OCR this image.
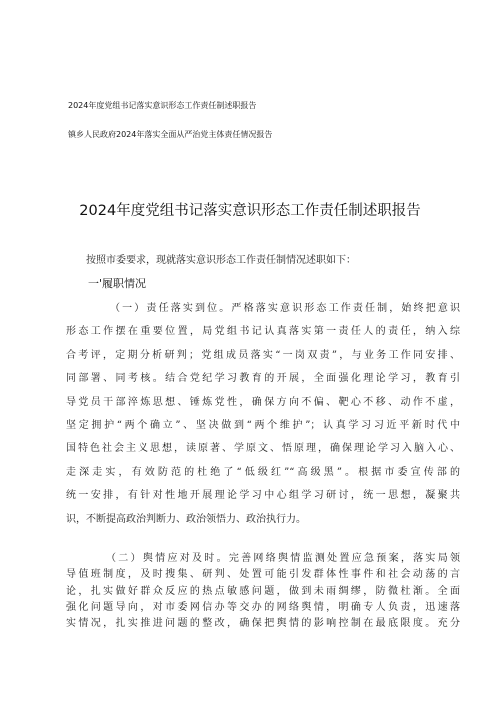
2024年度党组书记落实意识形态工作责任制述职报告
镇乡人民政府2024年落实全面从严治党主体责任情况报告
2024年度党组书记落实意识形态工作责任制述职报告
按照市委要求，现就落实意识形态工作责任制情况述职如下：
一'履职情况
（一）责任落实到位。严格落实意识形态工作责任制，始终把意识
形态工作摆在重要位置，局党组书记认真落实第一责任人的责任，纳入综
合考评，定期分析研判；党组成员落实“一岗双责”，与业务工作同安排、
同部署、同考核。结合党纪学习教育的开展，全面强化理论学习，教育引
导党员干部淬炼思想、锤炼党性，确保方向不偏、靶心不移、动作不虚，
坚定拥护“两个确立”、坚决做到“两个维护”；认真学习习近平新时代中
国特色社会主义思想，读原著、学原文、悟原理，确保理论学习入脑入心、
走深走实，有效防范的杜绝了“低级红”“高级黑”。根据市委宣传部的
统一安排，有针对性地开展理论学习中心组学习研讨，统一思想，凝聚共
识，不断提高政治判断力、政治领悟力、政治执行力。
（二）舆情应对及时。完善网络舆情监测处置应急预案，落实局领
导值班制度，及时搜集、研判、处置可能引发群体性事件和社会动荡的言
论，扎实做好群众反应的热点敏感问题，做到未雨绸缪，防微杜渐。全面
强化问题导向，对市委网信办等交办的网络舆情，明确专人负责，迅速落
实情况，扎实推进问题的整改，确保把舆情的影响控制在最底限度。充分
